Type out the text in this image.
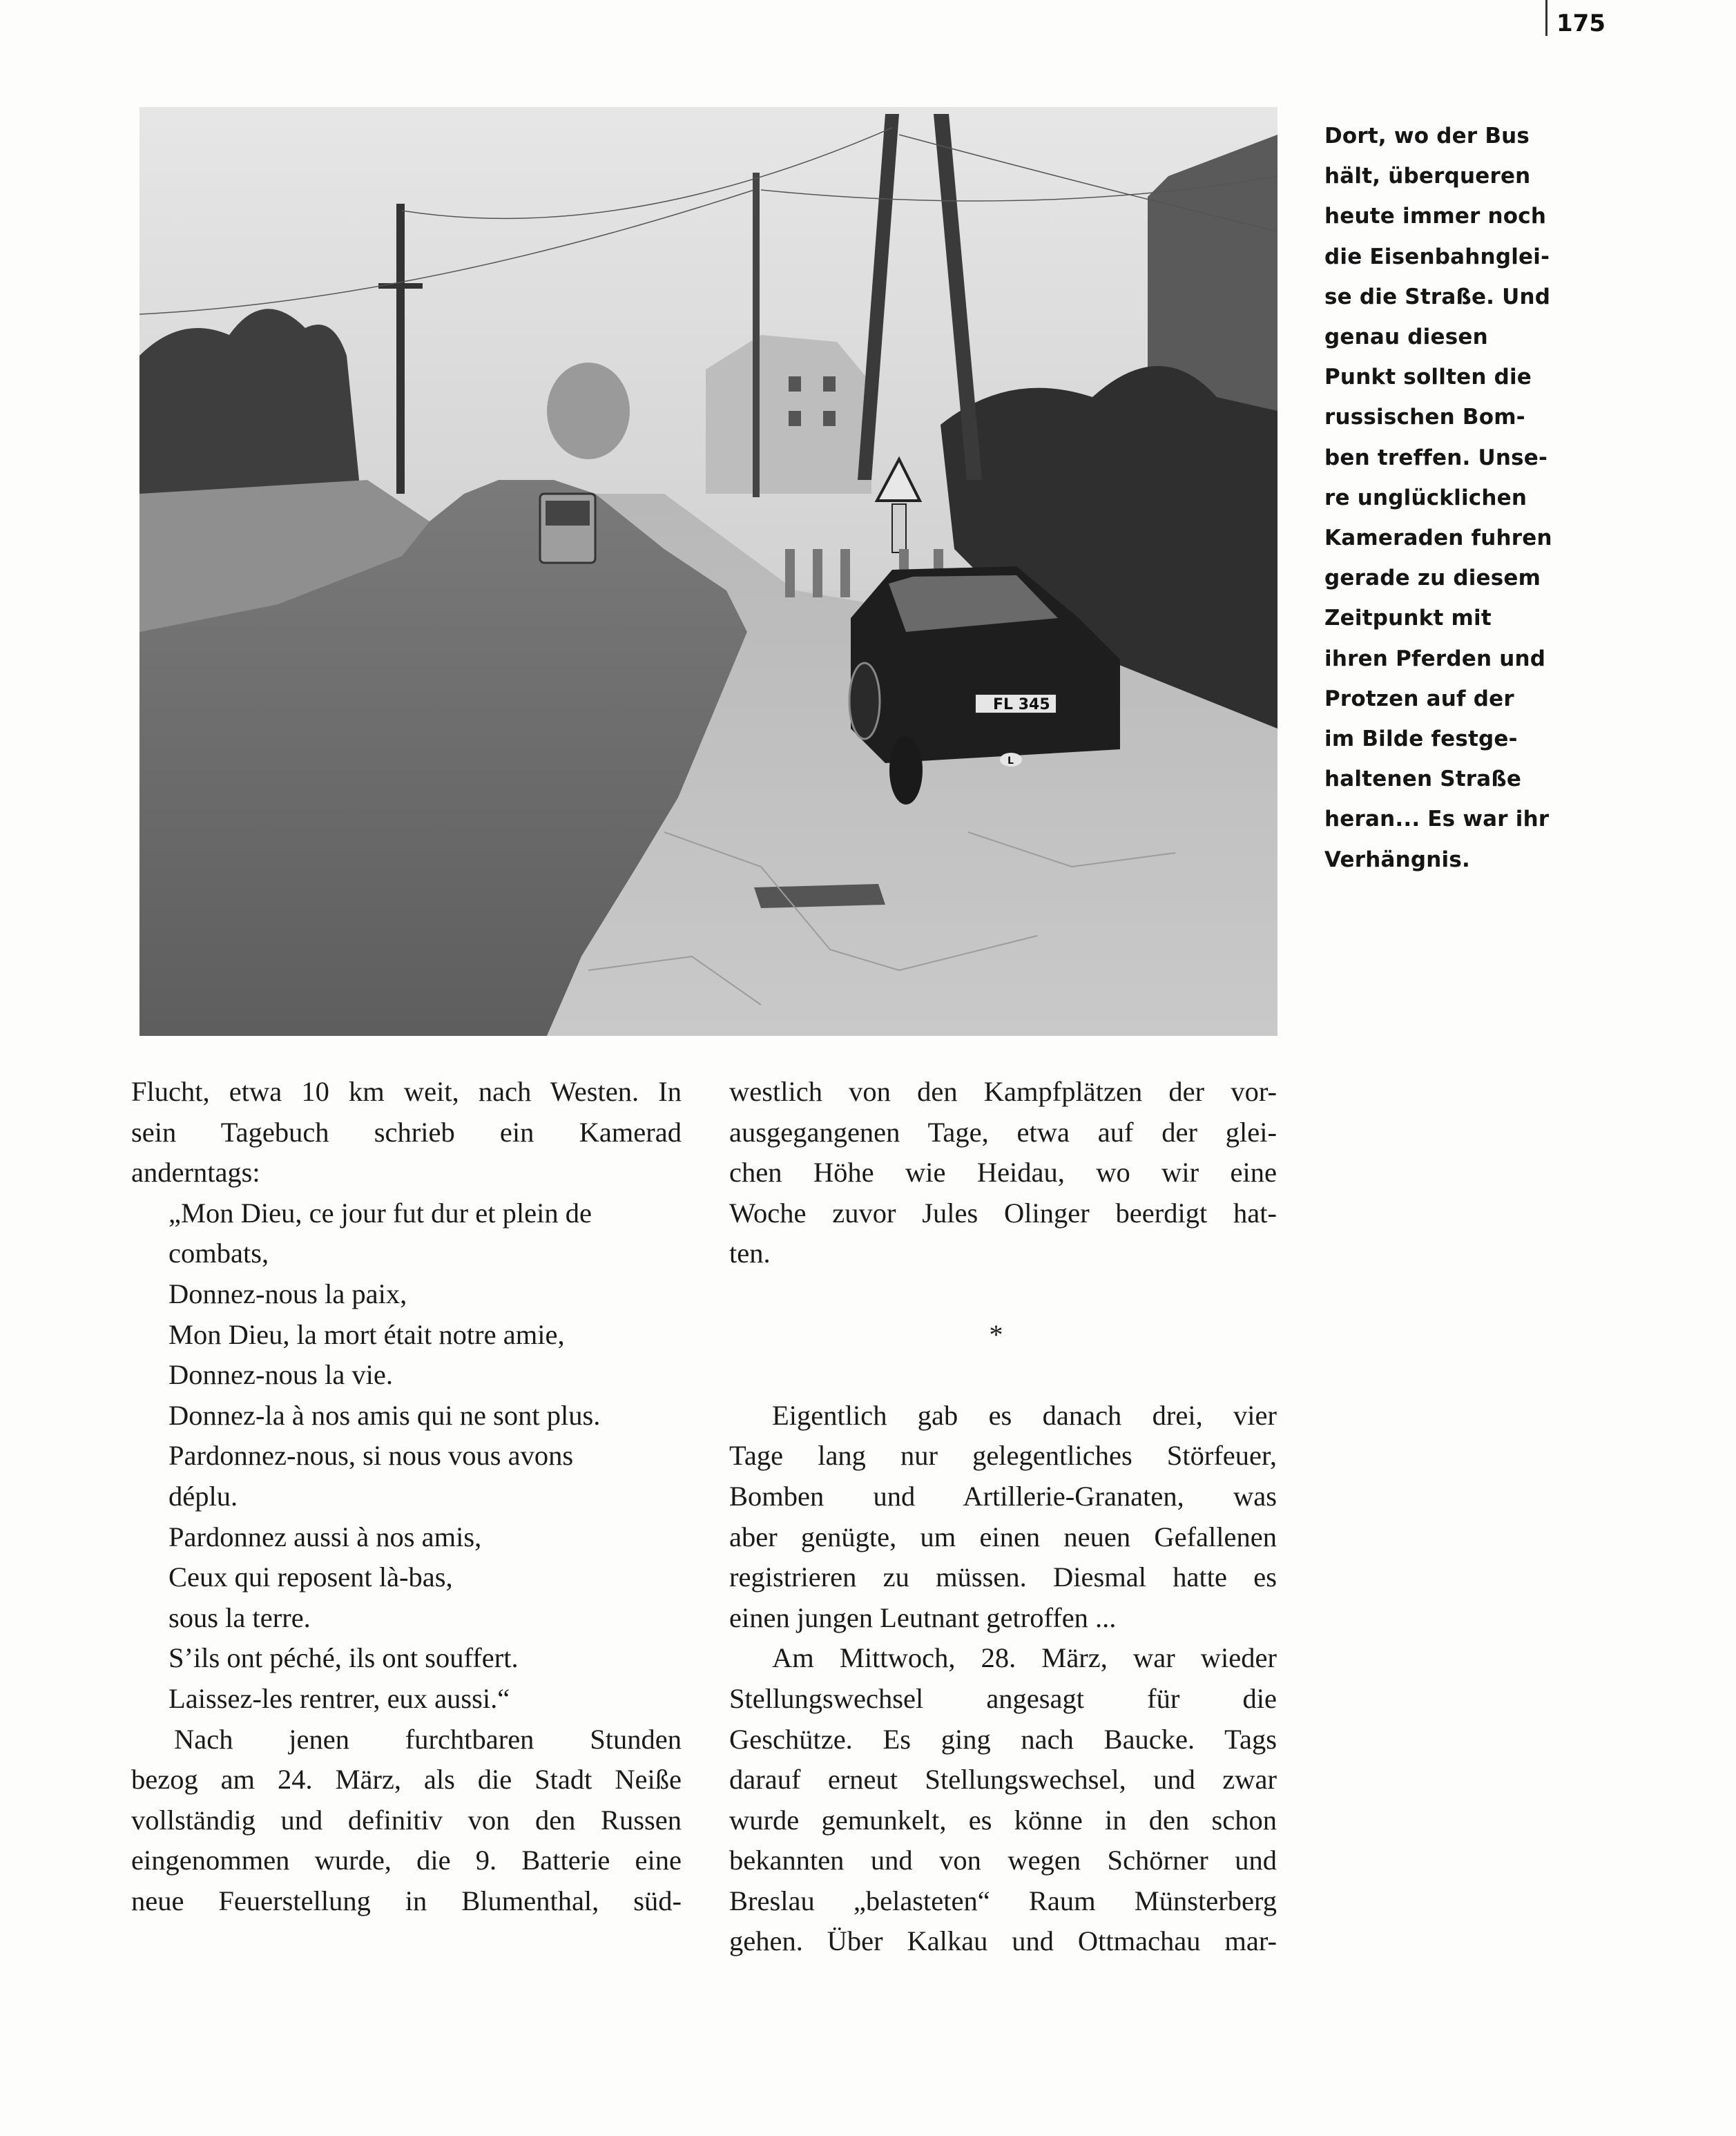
175
FL 345
L
Dort, wo der Bus
hält, überqueren
heute immer noch
die Eisenbahnglei-
se die Straße. Und
genau diesen
Punkt sollten die
russischen Bom-
ben treffen. Unse-
re unglücklichen
Kameraden fuhren
gerade zu diesem
Zeitpunkt mit
ihren Pferden und
Protzen auf der
im Bilde festge-
haltenen Straße
heran... Es war ihr
Verhängnis.
Flucht, etwa 10 km weit, nach Westen. In
sein Tagebuch schrieb ein Kamerad
anderntags:
„Mon Dieu, ce jour fut dur et plein de
combats,
Donnez-nous la paix,
Mon Dieu, la mort était notre amie,
Donnez-nous la vie.
Donnez-la à nos amis qui ne sont plus.
Pardonnez-nous, si nous vous avons
déplu.
Pardonnez aussi à nos amis,
Ceux qui reposent là-bas,
sous la terre.
S’ils ont péché, ils ont souffert.
Laissez-les rentrer, eux aussi.“
Nach jenen furchtbaren Stunden
bezog am 24. März, als die Stadt Neiße
vollständig und definitiv von den Russen
eingenommen wurde, die 9. Batterie eine
neue Feuerstellung in Blumenthal, süd-
westlich von den Kampfplätzen der vor-
ausgegangenen Tage, etwa auf der glei-
chen Höhe wie Heidau, wo wir eine
Woche zuvor Jules Olinger beerdigt hat-
ten.
*
Eigentlich gab es danach drei, vier
Tage lang nur gelegentliches Störfeuer,
Bomben und Artillerie-Granaten, was
aber genügte, um einen neuen Gefallenen
registrieren zu müssen. Diesmal hatte es
einen jungen Leutnant getroffen ...
Am Mittwoch, 28. März, war wieder
Stellungswechsel angesagt für die
Geschütze. Es ging nach Baucke. Tags
darauf erneut Stellungswechsel, und zwar
wurde gemunkelt, es könne in den schon
bekannten und von wegen Schörner und
Breslau „belasteten“ Raum Münsterberg
gehen. Über Kalkau und Ottmachau mar-
